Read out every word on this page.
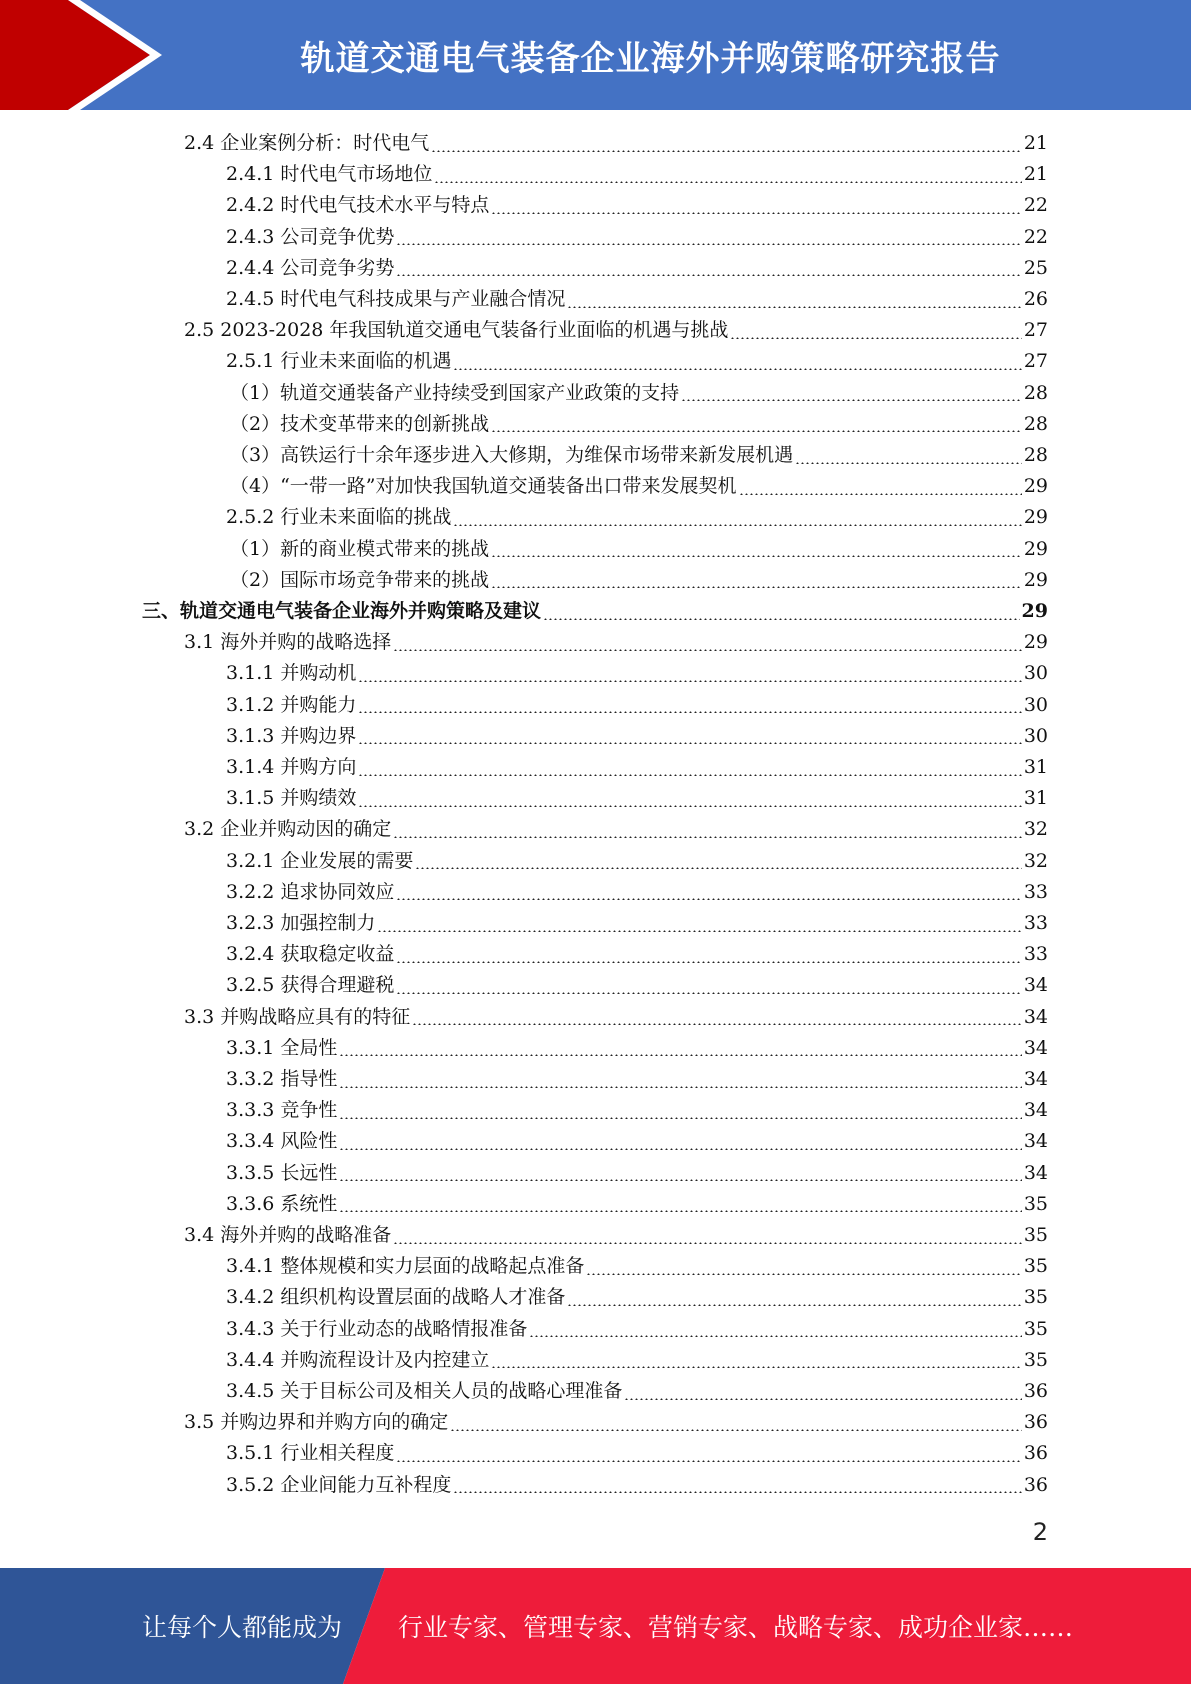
轨道交通电气装备企业海外并购策略研究报告
2.4 企业案例分析：时代电气	21
2.4.1 时代电气市场地位	21
2.4.2 时代电气技术水平与特点	22
2.4.3 公司竞争优势	22
2.4.4 公司竞争劣势	25
2.4.5 时代电气科技成果与产业融合情况	26
2.5 2023-2028 年我国轨道交通电气装备行业面临的机遇与挑战	27
2.5.1 行业未来面临的机遇	27
（1）轨道交通装备产业持续受到国家产业政策的支持	28
（2）技术变革带来的创新挑战	28
（3）高铁运行十余年逐步进入大修期，为维保市场带来新发展机遇	28
（4）“一带一路”对加快我国轨道交通装备出口带来发展契机	29
2.5.2 行业未来面临的挑战	29
（1）新的商业模式带来的挑战	29
（2）国际市场竞争带来的挑战	29
三、轨道交通电气装备企业海外并购策略及建议	29
3.1 海外并购的战略选择	29
3.1.1 并购动机	30
3.1.2 并购能力	30
3.1.3 并购边界	30
3.1.4 并购方向	31
3.1.5 并购绩效	31
3.2 企业并购动因的确定	32
3.2.1 企业发展的需要	32
3.2.2 追求协同效应	33
3.2.3 加强控制力	33
3.2.4 获取稳定收益	33
3.2.5 获得合理避税	34
3.3 并购战略应具有的特征	34
3.3.1 全局性	34
3.3.2 指导性	34
3.3.3 竞争性	34
3.3.4 风险性	34
3.3.5 长远性	34
3.3.6 系统性	35
3.4 海外并购的战略准备	35
3.4.1 整体规模和实力层面的战略起点准备	35
3.4.2 组织机构设置层面的战略人才准备	35
3.4.3 关于行业动态的战略情报准备	35
3.4.4 并购流程设计及内控建立	35
3.4.5 关于目标公司及相关人员的战略心理准备	36
3.5 并购边界和并购方向的确定	36
3.5.1 行业相关程度	36
3.5.2 企业间能力互补程度	36
2
让每个人都能成为 行业专家、管理专家、营销专家、战略专家、成功企业家……
